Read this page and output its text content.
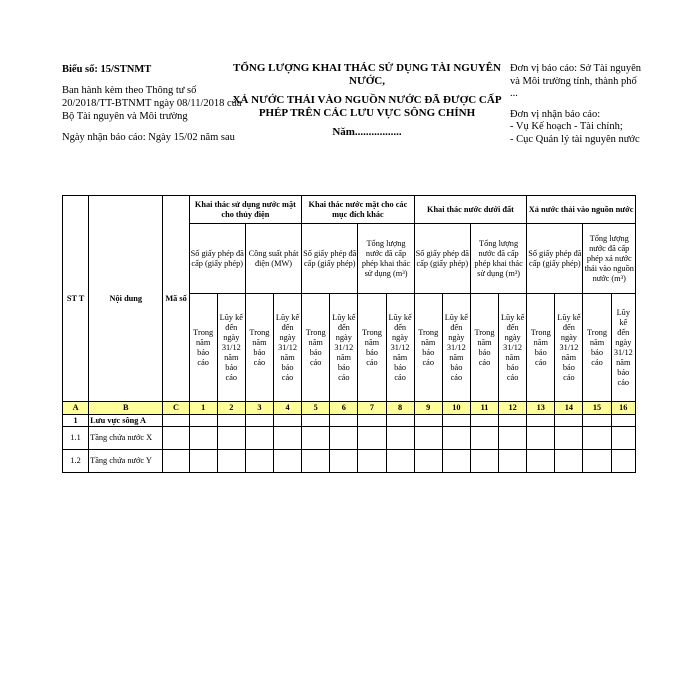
Biểu số: 15/STNMT

Ban hành kèm theo Thông tư số 20/2018/TT-BTNMT ngày 08/11/2018 của Bộ Tài nguyên và Môi trường

Ngày nhận báo cáo: Ngày 15/02 năm sau

TỔNG LƯỢNG KHAI THÁC SỬ DỤNG TÀI NGUYÊN NƯỚC,
XẢ NƯỚC THẢI VÀO NGUỒN NƯỚC ĐÃ ĐƯỢC CẤP PHÉP TRÊN CÁC LƯU VỰC SÔNG CHÍNH
Năm.................

Đơn vị báo cáo: Sở Tài nguyên và Môi trường tỉnh, thành phố ...

Đơn vị nhận báo cáo:
- Vụ Kế hoạch - Tài chính;
- Cục Quản lý tài nguyên nước
ST T	Nội dung	Mã số	Khai thác sử dụng nước mặt cho thủy điện				Khai thác nước mặt cho các mục đích khác				Khai thác nước dưới đất				Xả nước thải vào nguồn nước			
			Số giấy phép đã cấp (giấy phép)		Công suất phát điện (MW)		Số giấy phép đã cấp (giấy phép)		Tổng lượng nước đã cấp phép khai thác sử dụng (m³)		Số giấy phép đã cấp (giấy phép)		Tổng lượng nước đã cấp phép khai thác sử dụng (m³)		Số giấy phép đã cấp (giấy phép)		Tổng lượng nước đã cấp phép xả nước thải vào nguồn nước (m³)	
			Trong năm báo cáo	Lũy kế đến ngày 31/12 năm báo cáo	Trong năm báo cáo	Lũy kế đến ngày 31/12 năm báo cáo	Trong năm báo cáo	Lũy kế đến ngày 31/12 năm báo cáo	Trong năm báo cáo	Lũy kế đến ngày 31/12 năm báo cáo	Trong năm báo cáo	Lũy kế đến ngày 31/12 năm báo cáo	Trong năm báo cáo	Lũy kế đến ngày 31/12 năm báo cáo	Trong năm báo cáo	Lũy kế đến ngày 31/12 năm báo cáo	Trong năm báo cáo	Lũy kế đến ngày 31/12 năm báo cáo
A	B	C	1	2	3	4	5	6	7	8	9	10	11	12	13	14	15	16
1	Lưu vực sông A																	
1.1	Tầng chứa nước X																	
1.2	Tầng chứa nước Y																	
